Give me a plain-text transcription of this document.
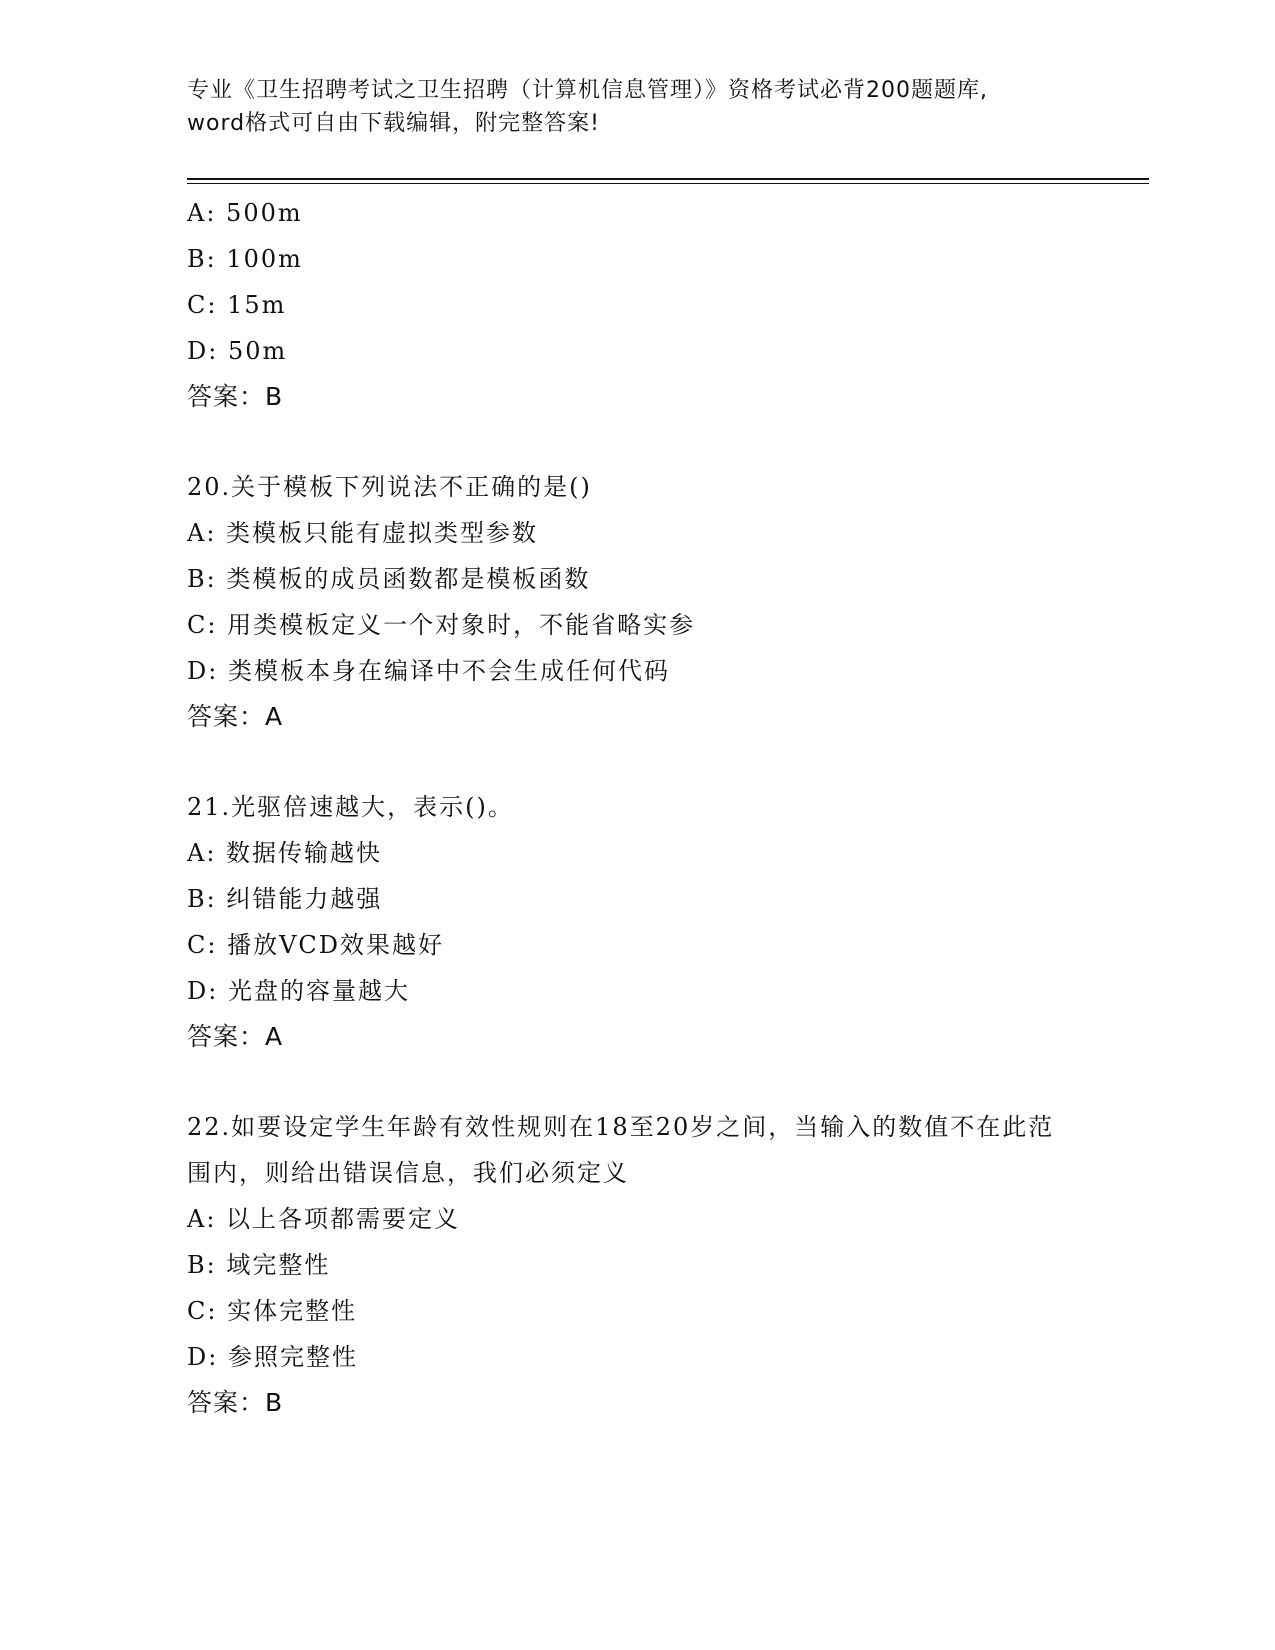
专业《卫生招聘考试之卫生招聘（计算机信息管理）》资格考试必背200题题库,
word格式可自由下载编辑，附完整答案!
A: 500m
B: 100m
C: 15m
D: 50m
答案：B
20.关于模板下列说法不正确的是()
A: 类模板只能有虚拟类型参数
B: 类模板的成员函数都是模板函数
C: 用类模板定义一个对象时，不能省略实参
D: 类模板本身在编译中不会生成任何代码
答案：A
21.光驱倍速越大，表示()。
A: 数据传输越快
B: 纠错能力越强
C: 播放VCD效果越好
D: 光盘的容量越大
答案：A
22.如要设定学生年龄有效性规则在18至20岁之间，当输入的数值不在此范围内，则给出错误信息，我们必须定义
A: 以上各项都需要定义
B: 域完整性
C: 实体完整性
D: 参照完整性
答案：B
